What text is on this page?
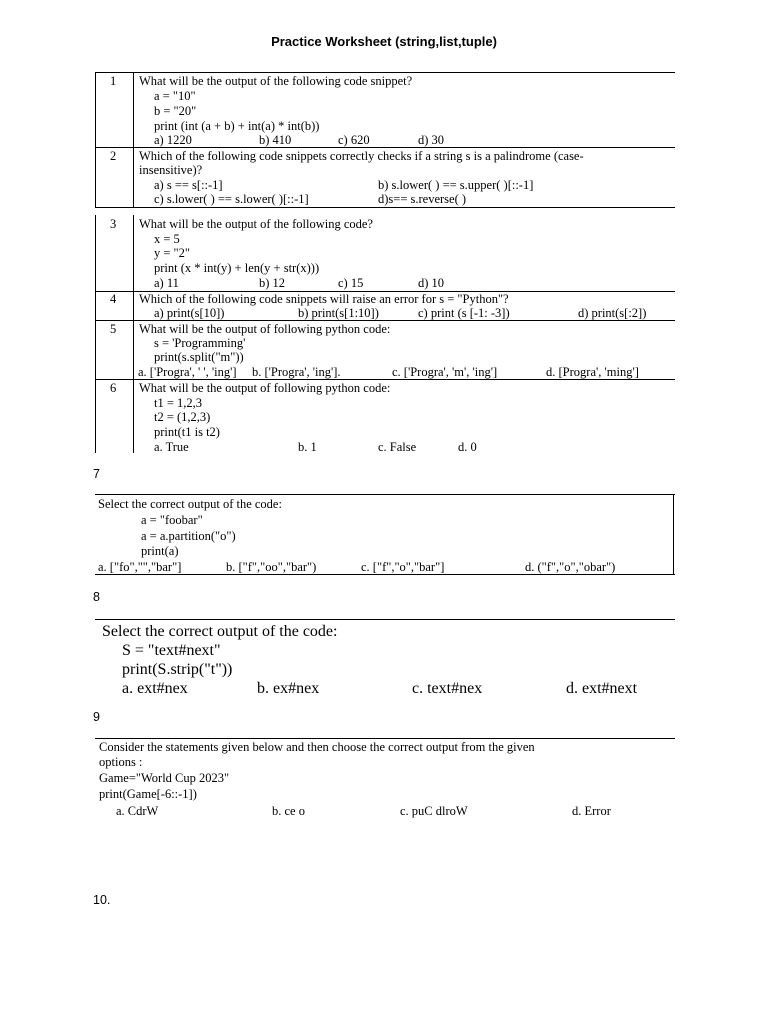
Practice Worksheet (string,list,tuple)
1 What will be the output of the following code snippet?
a = "10"
b = "20"
print (int (a + b) + int(a) * int(b))
a) 1220	b) 410	c) 620	d) 30
2 Which of the following code snippets correctly checks if a string s is a palindrome (case-
insensitive)?
a) s == s[::-1]	b) s.lower( ) == s.upper( )[::-1]
c) s.lower( ) == s.lower( )[::-1]	d)s== s.reverse( )
3 What will be the output of the following code?
x = 5
y = "2"
print (x * int(y) + len(y + str(x)))
a) 11	b) 12	c) 15	d) 10
4 Which of the following code snippets will raise an error for s = "Python"?
a) print(s[10])	b) print(s[1:10])	c) print (s [-1: -3])	d) print(s[:2])
5 What will be the output of following python code:
s = 'Programming'
print(s.split("m"))
a. ['Progra', ' ', 'ing'] b. ['Progra', 'ing'].	c. ['Progra', 'm', 'ing']	d. [Progra', 'ming']
6 What will be the output of following python code:
t1 = 1,2,3
t2 = (1,2,3)
print(t1 is t2)
a. True	b. 1	c. False	d. 0
7
Select the correct output of the code:
a = "foobar"
a = a.partition("o")
print(a)
a. ["fo","","bar"]	b. ["f","oo","bar")	c. ["f","o","bar"]	d. ("f","o","obar")
8
Select the correct output of the code:
S = "text#next"
print(S.strip("t"))
a. ext#nex	b. ex#nex	c. text#nex	d. ext#next
9
Consider the statements given below and then choose the correct output from the given
options :
Game="World Cup 2023"
print(Game[-6::-1])
a. CdrW	b. ce o	c. puC dlroW	d. Error
10.
